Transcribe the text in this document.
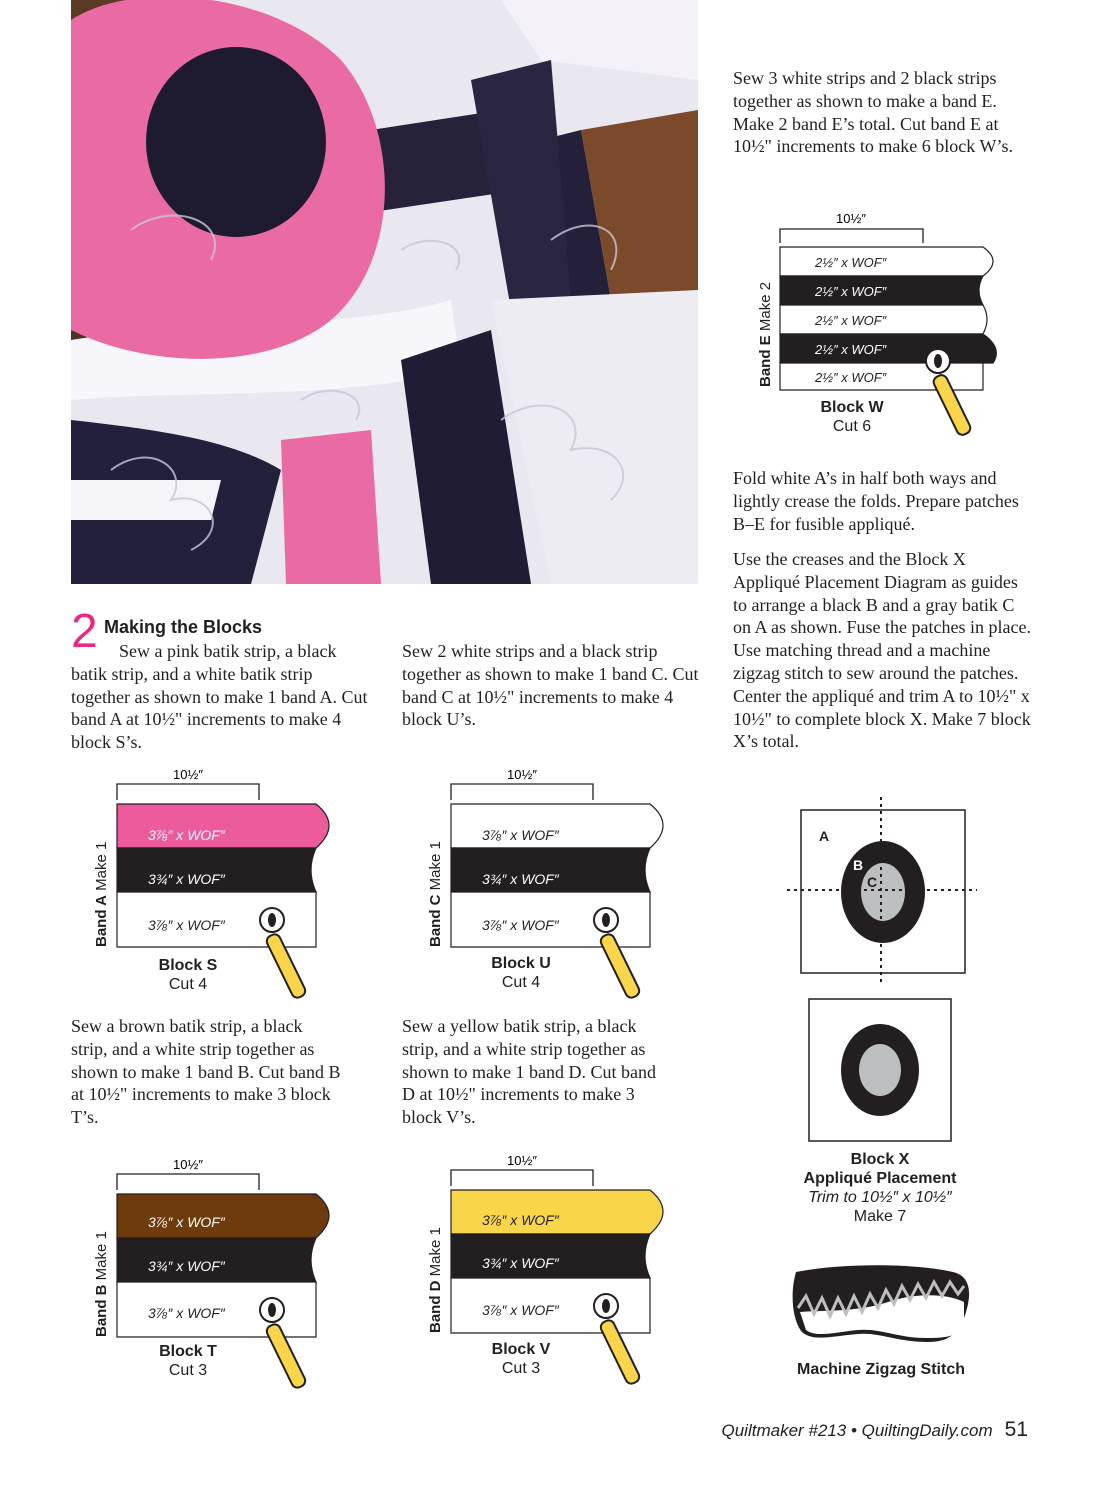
2 Making the Blocks

Sew a pink batik strip, a black batik strip, and a white batik strip together as shown to make 1 band A. Cut band A at 10½" increments to make 4 block S’s.

Sew 2 white strips and a black strip together as shown to make 1 band C. Cut band C at 10½" increments to make 4 block U’s.

Sew a brown batik strip, a black strip, and a white strip together as shown to make 1 band B. Cut band B at 10½" increments to make 3 block T’s.

Sew a yellow batik strip, a black strip, and a white strip together as shown to make 1 band D. Cut band D at 10½" increments to make 3 block V’s.

Sew 3 white strips and 2 black strips together as shown to make a band E. Make 2 band E’s total. Cut band E at 10½" increments to make 6 block W’s.

Fold white A’s in half both ways and lightly crease the folds. Prepare patches B–E for fusible appliqué.

Use the creases and the Block X Appliqué Placement Diagram as guides to arrange a black B and a gray batik C on A as shown. Fuse the patches in place. Use matching thread and a machine zigzag stitch to sew around the patches. Center the appliqué and trim A to 10½" x 10½" to complete block X. Make 7 block X’s total.

10½″
3⅞″ x WOF″
3¾″ x WOF″
3⅞″ x WOF″
Band A Make 1
Block S
Cut 4
10½″
3⅞″ x WOF″
3¾″ x WOF″
3⅞″ x WOF″
Band C Make 1
Block U
Cut 4
10½″
3⅞″ x WOF″
3¾″ x WOF″
3⅞″ x WOF″
Band B Make 1
Block T
Cut 3
10½″
3⅞″ x WOF″
3¾″ x WOF″
3⅞″ x WOF″
Band D Make 1
Block V
Cut 3
10½″
2½″ x WOF″
2½″ x WOF″
2½″ x WOF″
2½″ x WOF″
2½″ x WOF″
Band E Make 2
Block W
Cut 6
A
B
C
Block X
Appliqué Placement
Trim to 10½″ x 10½″
Make 7
Machine Zigzag Stitch
Quiltmaker #213 • QuiltingDaily.com 51
